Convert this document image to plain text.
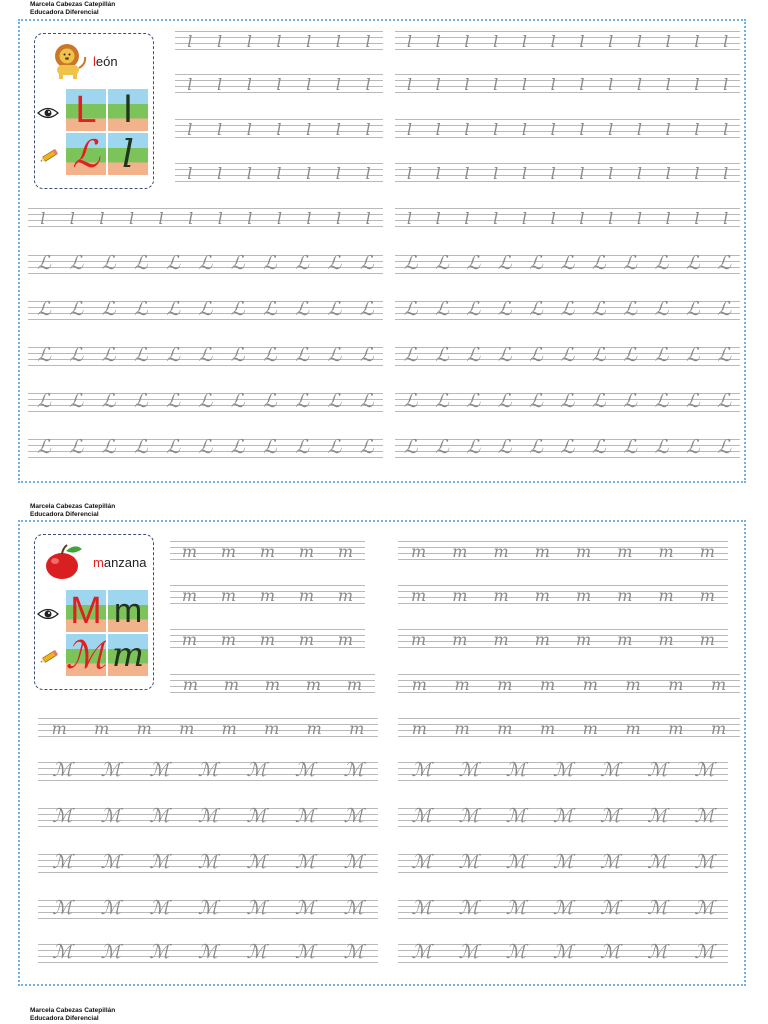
Marcela Cabezas Catepillán
Educadora Diferencial
Marcela Cabezas Catepillán
Educadora Diferencial
Marcela Cabezas Catepillán
Educadora Diferencial
león
L l
ℒ l
l l l l l l l l l l l l l l l l l l l
l l l l l l l l l l l l l l l l l l l
l l l l l l l l l l l l l l l l l l l
l l l l l l l l l l l l l l l l l l l
l l l l l l l l l l l l l l l l l l l l l l l l
ℒ ℒ ℒ ℒ ℒ ℒ ℒ ℒ ℒ ℒ ℒ ℒ ℒ ℒ ℒ ℒ ℒ ℒ ℒ ℒ ℒ ℒ
ℒ ℒ ℒ ℒ ℒ ℒ ℒ ℒ ℒ ℒ ℒ ℒ ℒ ℒ ℒ ℒ ℒ ℒ ℒ ℒ ℒ ℒ
ℒ ℒ ℒ ℒ ℒ ℒ ℒ ℒ ℒ ℒ ℒ ℒ ℒ ℒ ℒ ℒ ℒ ℒ ℒ ℒ ℒ ℒ
ℒ ℒ ℒ ℒ ℒ ℒ ℒ ℒ ℒ ℒ ℒ ℒ ℒ ℒ ℒ ℒ ℒ ℒ ℒ ℒ ℒ ℒ
ℒ ℒ ℒ ℒ ℒ ℒ ℒ ℒ ℒ ℒ ℒ ℒ ℒ ℒ ℒ ℒ ℒ ℒ ℒ ℒ ℒ ℒ
manzana
M m
ℳ m
m m m m m	m m m m m m m m
m m m m m	m m m m m m m m
m m m m m	m m m m m m m m
m m m m m	m m m m m m m m
m m m m m m m m	m m m m m m m m
ℳ ℳ ℳ ℳ ℳ ℳ ℳ	ℳ ℳ ℳ ℳ ℳ ℳ ℳ
ℳ ℳ ℳ ℳ ℳ ℳ ℳ	ℳ ℳ ℳ ℳ ℳ ℳ ℳ
ℳ ℳ ℳ ℳ ℳ ℳ ℳ	ℳ ℳ ℳ ℳ ℳ ℳ ℳ
ℳ ℳ ℳ ℳ ℳ ℳ ℳ	ℳ ℳ ℳ ℳ ℳ ℳ ℳ
ℳ ℳ ℳ ℳ ℳ ℳ ℳ	ℳ ℳ ℳ ℳ ℳ ℳ ℳ
